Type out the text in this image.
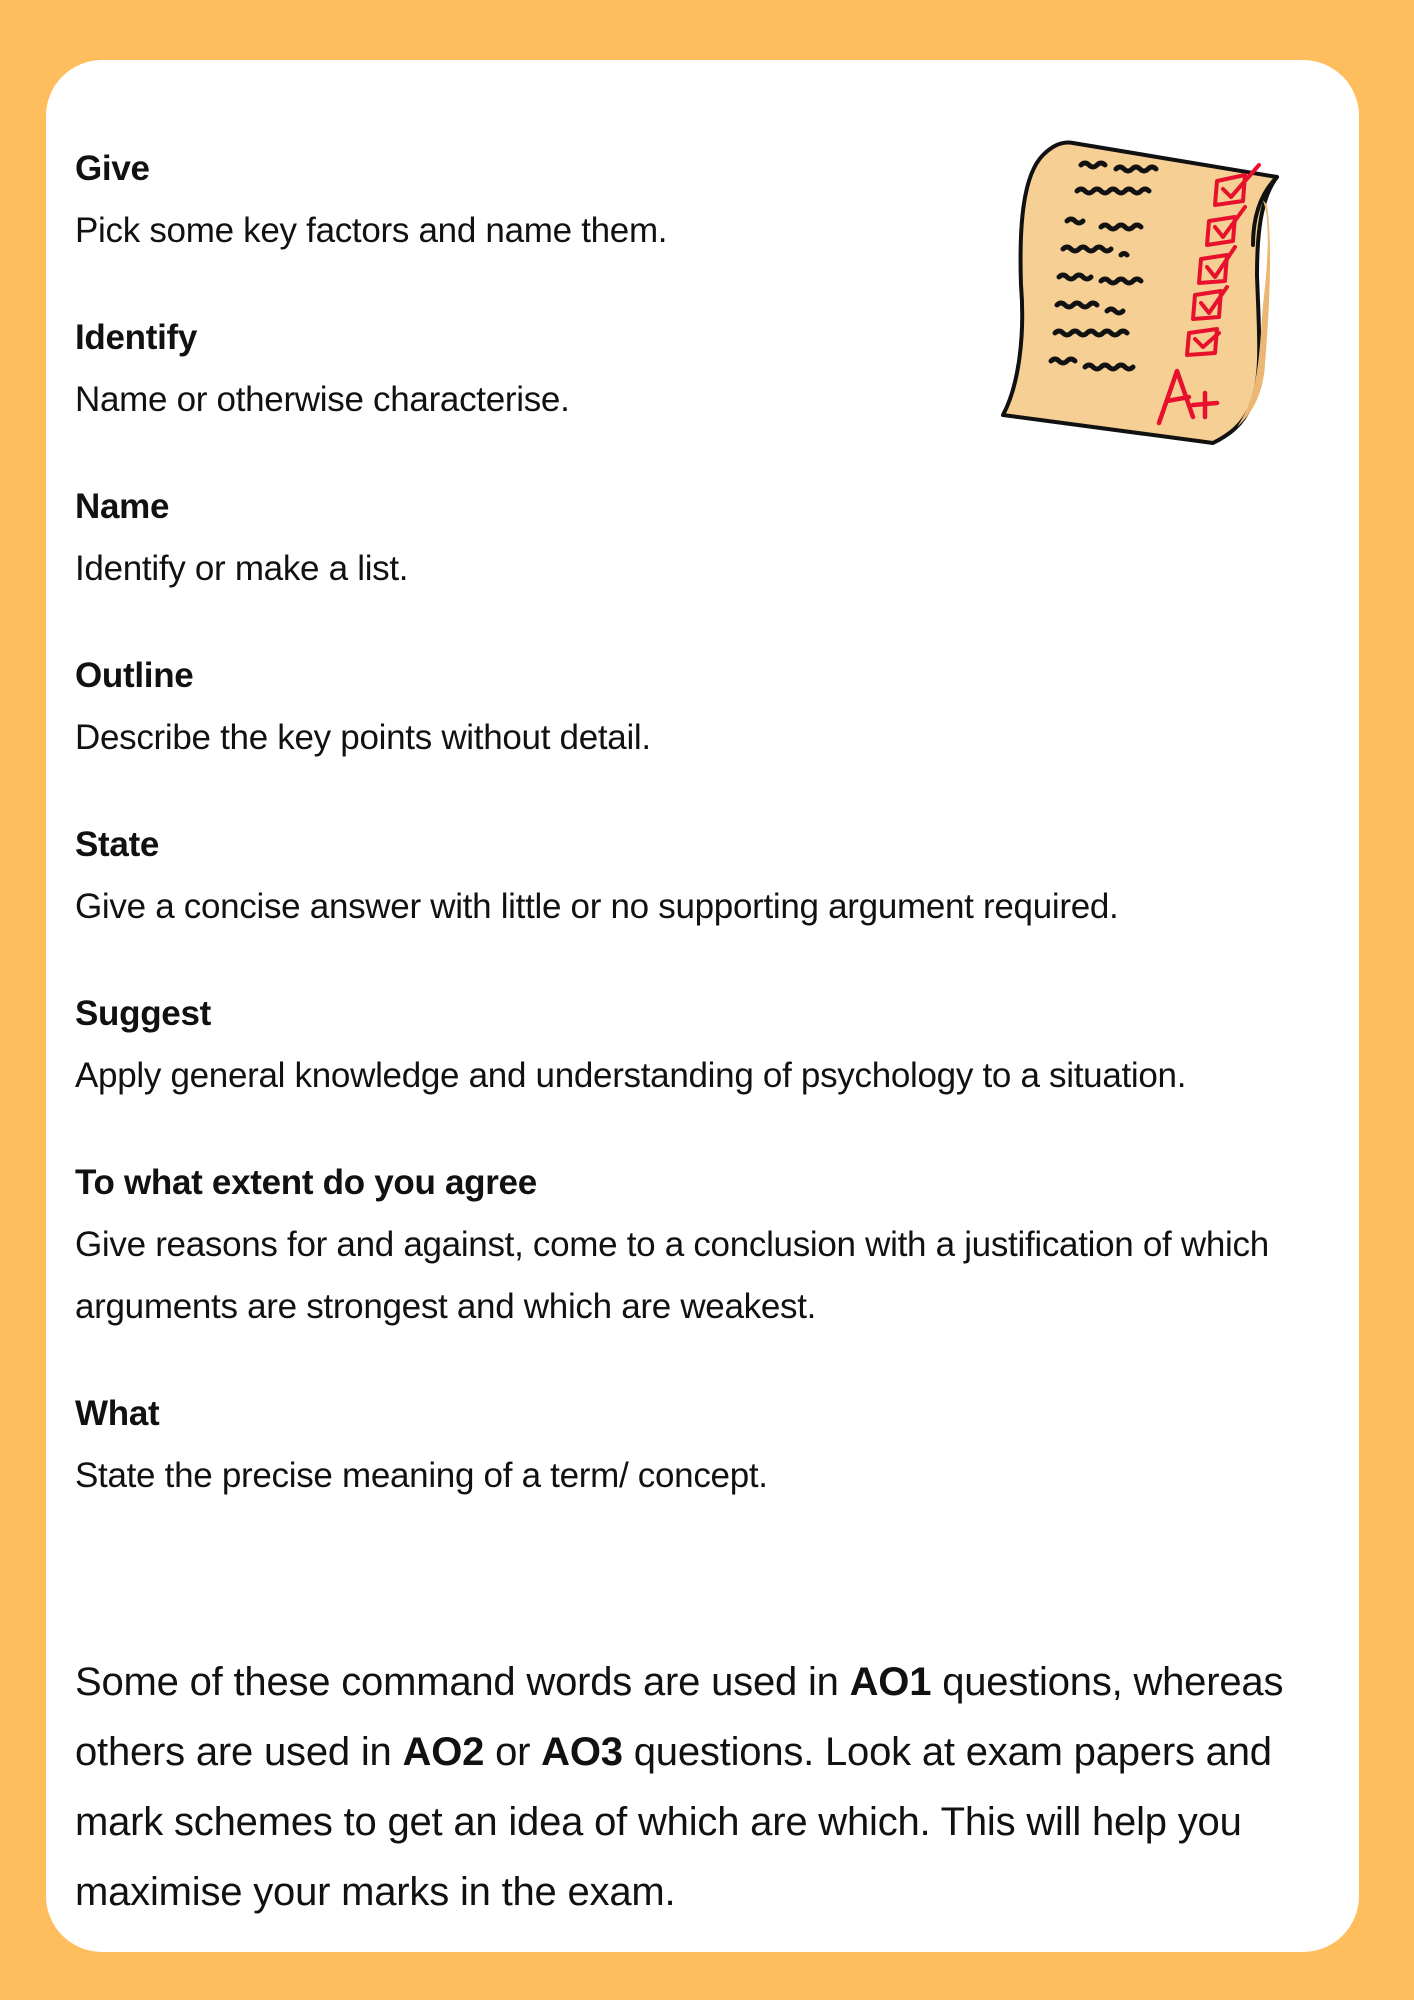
Give
Pick some key factors and name them.
Identify
Name or otherwise characterise.
Name
Identify or make a list.
Outline
Describe the key points without detail.
State
Give a concise answer with little or no supporting argument required.
Suggest
Apply general knowledge and understanding of psychology to a situation.
To what extent do you agree
Give reasons for and against, come to a conclusion with a justification of which arguments are strongest and which are weakest.
What
State the precise meaning of a term/ concept.
Some of these command words are used in AO1 questions, whereas others are used in AO2 or AO3 questions. Look at exam papers and mark schemes to get an idea of which are which. This will help you maximise your marks in the exam.
